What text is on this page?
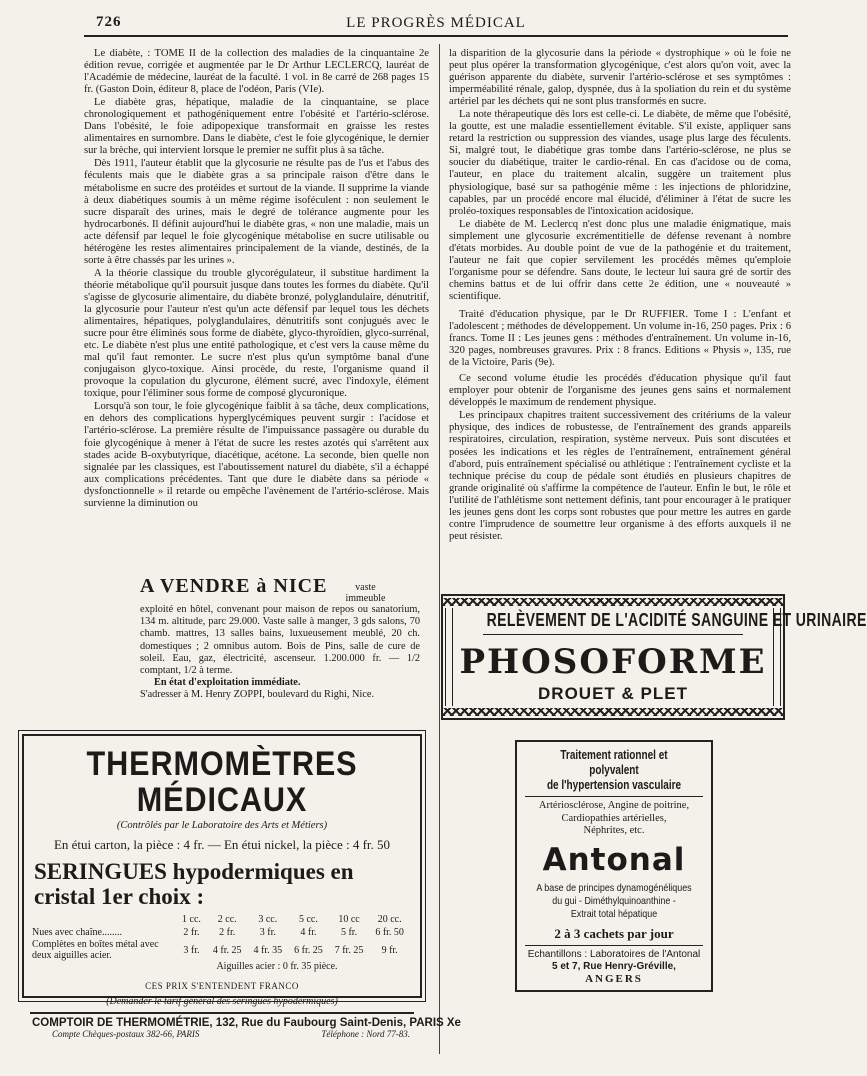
726	LE PROGRÈS MÉDICAL

Le diabète, : TOME II de la collection des maladies de la cinquantaine 2e édition revue, corrigée et augmentée par le Dr Arthur LECLERCQ, lauréat de l'Académie de médecine, lauréat de la faculté. 1 vol. in 8e carré de 268 pages 15 fr. (Gaston Doin, éditeur 8, place de l'odéon, Paris (VIe).

Le diabète gras, hépatique, maladie de la cinquantaine, se place chronologiquement et pathogéniquement entre l'obésité et l'artério-sclérose. Dans l'obésité, le foie adipopexique transformait en graisse les restes alimentaires en surnombre. Dans le diabète, c'est le foie glycogénique, le dernier sur la brèche, qui intervient lorsque le premier ne suffit plus à sa tâche.

Dès 1911, l'auteur établit que la glycosurie ne résulte pas de l'us et l'abus des féculents mais que le diabète gras a sa principale raison d'être dans le métabolisme en sucre des protéides et surtout de la viande. Il supprime la viande à deux diabétiques soumis à un même régime isoféculent : non seulement le sucre disparaît des urines, mais le degré de tolérance augmente pour les hydrocarbonés. Il définit aujourd'hui le diabète gras, « non une maladie, mais un acte défensif par lequel le foie glycogénique métabolise en sucre utilisable ou hétérogène les restes alimentaires principalement de la viande, destinés, de la sorte à être chassés par les urines ».

A la théorie classique du trouble glycorégulateur, il substitue hardiment la théorie métabolique qu'il poursuit jusque dans toutes les formes du diabète. Qu'il s'agisse de glycosurie alimentaire, du diabète bronzé, polyglandulaire, dénutritif, la glycosurie pour l'auteur n'est qu'un acte défensif par lequel tous les déchets alimentaires, hépatiques, polyglandulaires, dénutritifs sont conjugués avec le sucre pour être éliminés sous forme de diabète, glyco-thyroïdien, glyco-surrénal, etc. Le diabète n'est plus une entité pathologique, et c'est vers la cause même du mal qu'il faut remonter. Le sucre n'est plus qu'un symptôme banal d'une conjugaison glyco-toxique. Ainsi procède, du reste, l'organisme quand il provoque la copulation du glycurone, élément sucré, avec l'indoxyle, élément toxique, pour l'éliminer sous forme de composé glycuronique.

Lorsqu'à son tour, le foie glycogénique faiblit à sa tâche, deux complications, en dehors des complications hyperglycémiques peuvent surgir : l'acidose et l'artério-sclérose. La première résulte de l'impuissance passagère ou durable du foie glycogénique à mener à l'état de sucre les restes azotés qui s'arrêtent aux stades acide B-oxybutyrique, diacétique, acétone. La seconde, bien quelle non signalée par les classiques, est l'aboutissement naturel du diabète, s'il a échappé aux complications précédentes. Tant que dure le diabète dans sa période « dysfonctionnelle » il retarde ou empêche l'avènement de l'artério-sclérose. Mais survienne la diminution ou

la disparition de la glycosurie dans la période « dystrophique » où le foie ne peut plus opérer la transformation glycogénique, c'est alors qu'on voit, avec la guérison apparente du diabète, survenir l'artério-sclérose et ses symptômes : imperméabilité rénale, galop, dyspnée, dus à la spoliation du rein et du système artériel par les déchets qui ne sont plus transformés en sucre.

La note thérapeutique dès lors est celle-ci. Le diabète, de même que l'obésité, la goutte, est une maladie essentiellement évitable. S'il existe, appliquer sans retard la restriction ou suppression des viandes, usage plus large des féculents. Si, malgré tout, le diabétique gras tombe dans l'artério-sclérose, ne plus se soucier du diabétique, traiter le cardio-rénal. En cas d'acidose ou de coma, l'auteur, en place du traitement alcalin, suggère un traitement plus physiologique, basé sur sa pathogénie même : les injections de phloridzine, capables, par un procédé encore mal élucidé, d'éliminer à l'état de sucre les proléo-toxiques responsables de l'intoxication acidosique.

Le diabète de M. Leclercq n'est donc plus une maladie énigmatique, mais simplement une glycosurie excrémentitielle de défense revenant à nombre d'états morbides. Au double point de vue de la pathogénie et du traitement, l'auteur ne fait que copier servilement les procédés mêmes qu'emploie l'organisme pour se défendre. Sans doute, le lecteur lui saura gré de sortir des chemins battus et de lui offrir dans cette 2e édition, une « nouveauté » scientifique.

Traité d'éducation physique, par le Dr RUFFIER. Tome I : L'enfant et l'adolescent ; méthodes de développement. Un volume in-16, 250 pages. Prix : 6 francs. Tome II : Les jeunes gens : méthodes d'entraînement. Un volume in-16, 320 pages, nombreuses gravures. Prix : 8 francs. Editions « Physis », 135, rue de la Victoire, Paris (9e).

Ce second volume étudie les procédés d'éducation physique qu'il faut employer pour obtenir de l'organisme des jeunes gens sains et normalement développés le maximum de rendement physique.

Les principaux chapitres traitent successivement des critériums de la valeur physique, des indices de robustesse, de l'entraînement des grands appareils respiratoires, circulation, respiration, système nerveux. Puis sont discutées et posées les indications et les règles de l'entraînement, entraînement général d'abord, puis entraînement spécialisé ou athlétique : l'entraînement cycliste et la technique précise du coup de pédale sont étudiés en plusieurs chapitres de grande originalité où s'affirme la compétence de l'auteur. Enfin le but, le rôle et l'utilité de l'athlétisme sont nettement définis, tant pour encourager à le pratiquer les jeunes gens dont les corps sont robustes que pour mettre les autres en garde contre l'imprudence de soumettre leur organisme à des efforts auxquels il ne peut résister.

A VENDRE à NICE	vaste immeuble
exploité en hôtel, convenant pour maison de repos ou sanatorium, 134 m. altitude, parc 29.000. Vaste salle à manger, 3 gds salons, 70 chamb. mattres, 13 salles bains, luxueusement meublé, 20 ch. domestiques ; 2 omnibus autom. Bois de Pins, salle de cure de soleil. Eau, gaz, électricité, ascenseur. 1.200.000 fr. — 1/2 comptant, 1/2 à terme.
En état d'exploitation immédiate.
S'adresser à M. Henry ZOPPI, boulevard du Righi, Nice.
THERMOMÈTRES MÉDICAUX
(Contrôlés par le Laboratoire des Arts et Métiers)
En étui carton, la pièce : 4 fr. — En étui nickel, la pièce : 4 fr. 50
SERINGUES hypodermiques en cristal 1er choix :
	1 cc.	2 cc.	3 cc.	5 cc.	10 cc	20 cc.
Nues avec chaîne........	2 fr.	2 fr.	3 fr.	4 fr.	5 fr.	6 fr. 50
Complètes en boîtes métal avec deux aiguilles acier.	3 fr.	4 fr. 25	4 fr. 35	6 fr. 25	7 fr. 25	9 fr.
Aiguilles acier : 0 fr. 35 pièce.
CES PRIX S'ENTENDENT FRANCO
(Demander le tarif général des seringues hypodermiques)
COMPTOIR DE THERMOMÉTRIE, 132, Rue du Faubourg Saint-Denis, PARIS Xe
Compte Chèques-postaux 382-66, PARIS	Téléphone : Nord 77-83.
RELÈVEMENT DE L'ACIDITÉ SANGUINE ET URINAIRE
PHOSOFORME
DROUET & PLET
Traitement rationnel et polyvalent
de l'hypertension vasculaire
Artériosclérose, Angine de poitrine,
Cardiopathies artérielles,
Néphrites, etc.
Antonal
A base de principes dynamogénéliques
du gui - Diméthylquinoanthine -
Extrait total hépatique
2 à 3 cachets par jour
Echantillons : Laboratoires de l'Antonal
5 et 7, Rue Henry-Gréville,
ANGERS
